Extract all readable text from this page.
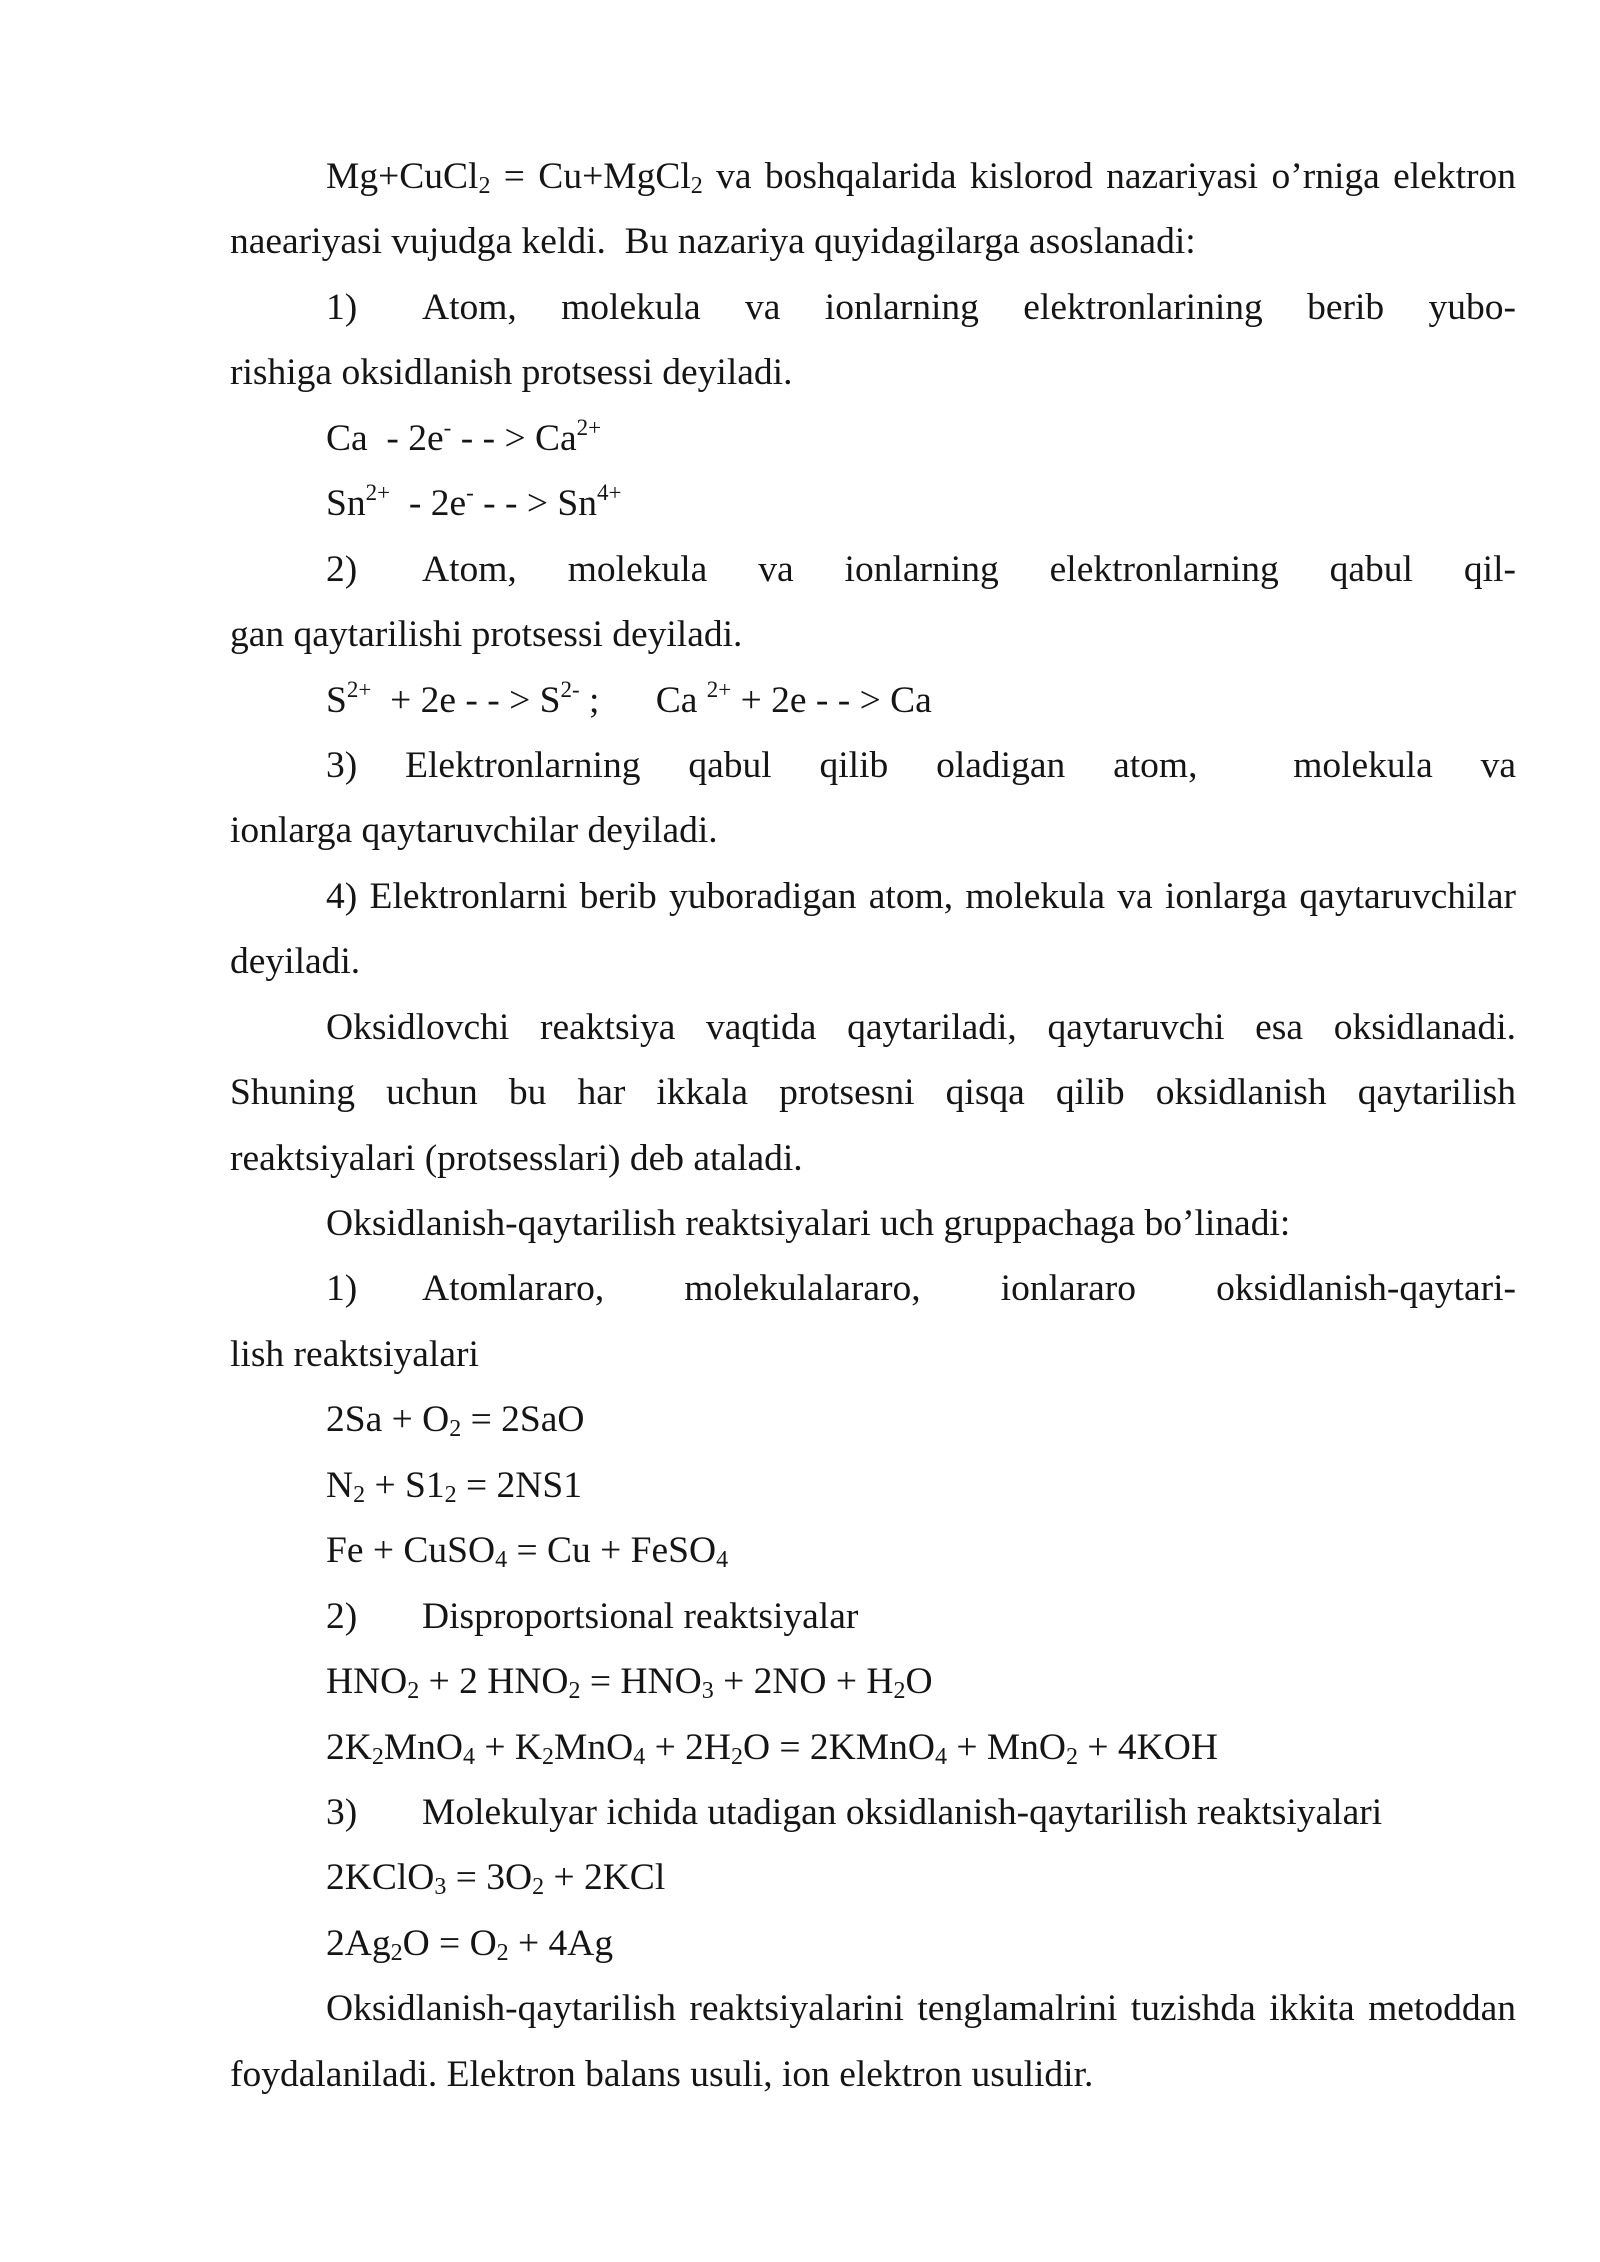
Mg+CuCl$_2$ = Cu+MgCl$_2$ va boshqalarida kislorod nazariyasi o’rniga elektron
naeariyasi vujudga keldi.  Bu nazariya quyidagilarga asoslanadi:
1) Atom, molekula va ionlarning elektronlarining berib yubo-
rishiga oksidlanish protsessi deyiladi.
Ca  - 2e- - - > $Ca^{2+}$
$Sn^{2+} - 2e^-$ - - > $Sn^{4+}$
2) Atom, molekula va ionlarning elektronlarning qabul qil-
gan qaytarilishi protsessi deyiladi.
$S^{2+} + 2e$ - - > $S^{2-}$ ;      Ca $^{2+}$ + 2e - - > Ca
3) Elektronlarning qabul qilib oladigan atom,  molekula va
ionlarga qaytaruvchilar deyiladi.
4) Elektronlarni berib yuboradigan atom, molekula va ionlarga qaytaruvchilar
deyiladi.
Oksidlovchi reaktsiya vaqtida qaytariladi, qaytaruvchi esa oksidlanadi.
Shuning uchun bu har ikkala protsesni qisqa qilib oksidlanish qaytarilish
reaktsiyalari (protsesslari) deb ataladi.
Oksidlanish-qaytarilish reaktsiyalari uch gruppachaga bo’linadi:
1) Atomlararo, molekulalararo, ionlararo oksidlanish-qaytari-
lish reaktsiyalari
$2Sa + O_2 = 2SaO$
$N_2 + S1_2 = 2NS1$
Fe + CuSO$_4$ = Cu + FeSO$_4$
2) Disproportsional reaktsiyalar
$HNO_2 + 2$ $HNO_2 = HNO_3 + 2NO + H_2O$
$2K_2MnO_4 + K_2MnO_4 + 2H_2O$ = 2KMnO$_4$ + MnO$_2$ + 4KOH
3) Molekulyar ichida utadigan oksidlanish-qaytarilish reaktsiyalari
2KClO$_3$ = $3O_2 + 2KCl$
$2Ag_2O = O_2 + 4Ag$
Oksidlanish-qaytarilish reaktsiyalarini tenglamalrini tuzishda ikkita metoddan
foydalaniladi. Elektron balans usuli, ion elektron usulidir.
